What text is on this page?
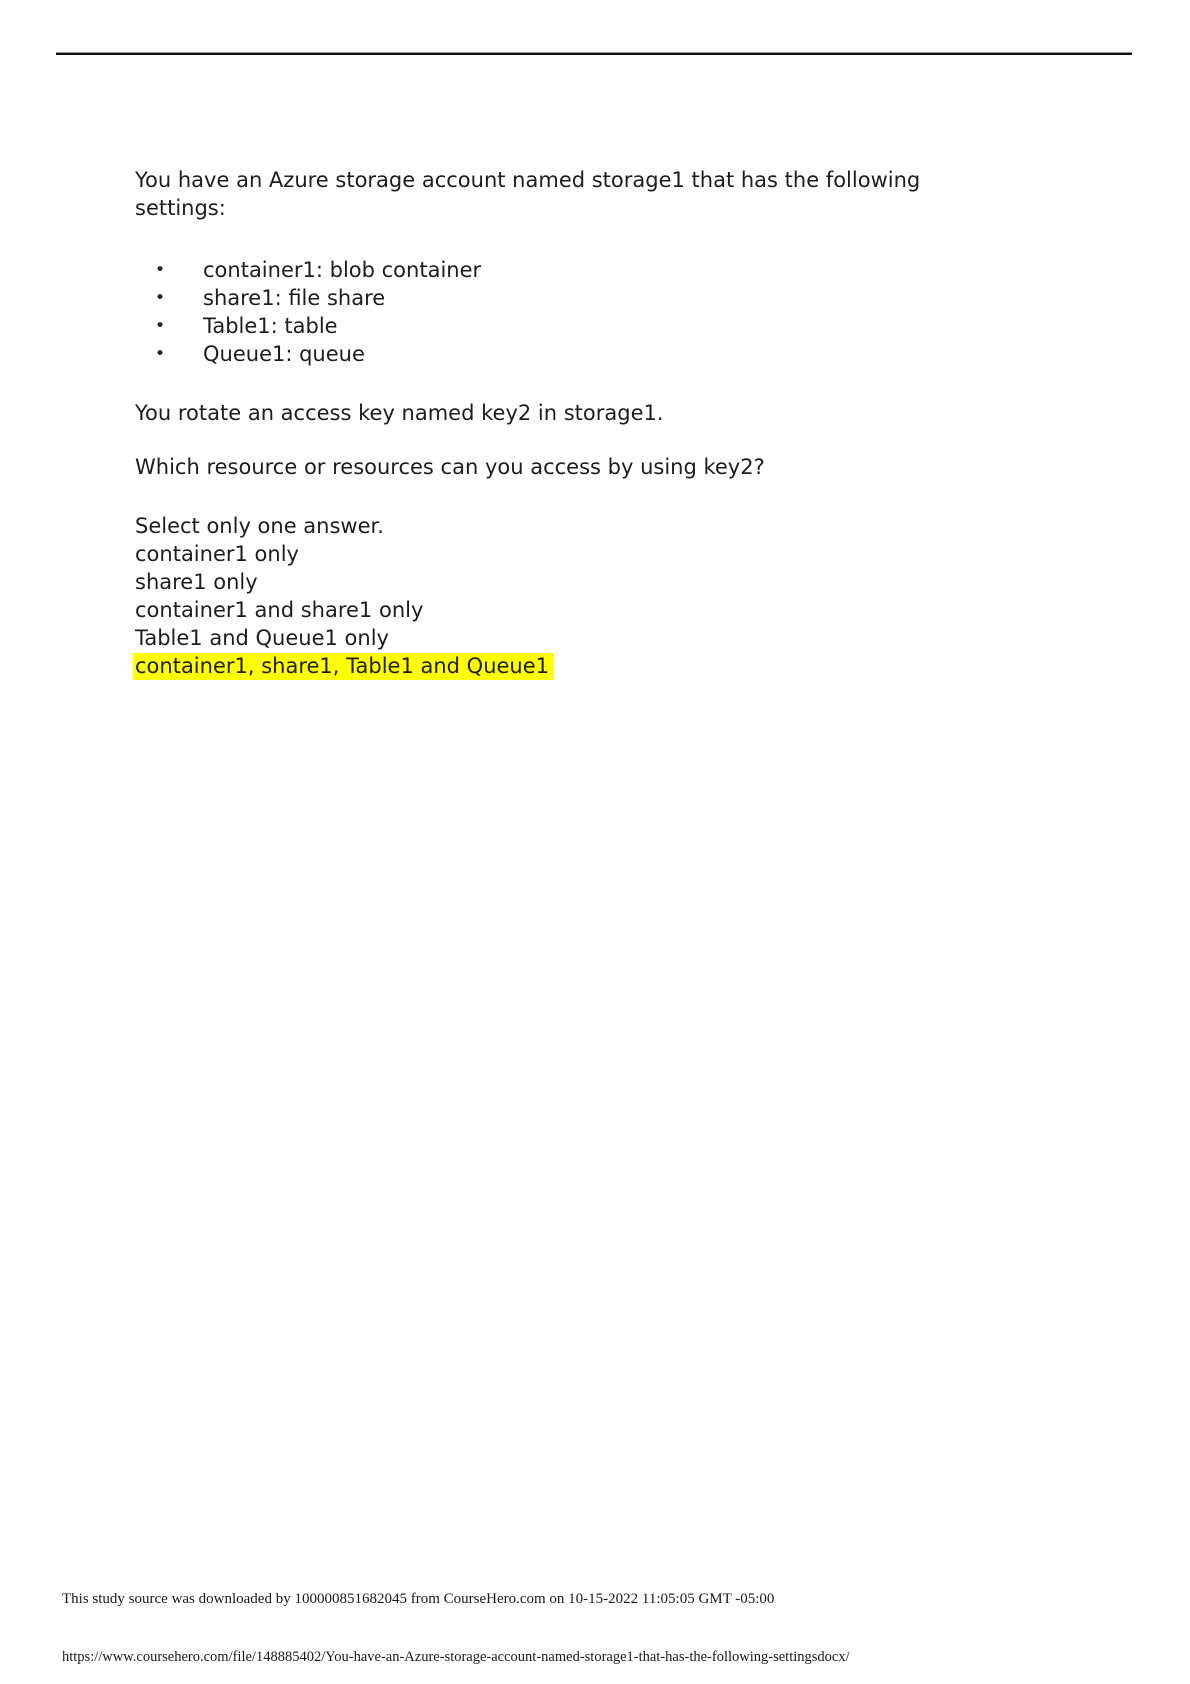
You have an Azure storage account named storage1 that has the following
settings:
• container1: blob container
• share1: file share
• Table1: table
• Queue1: queue

You rotate an access key named key2 in storage1.

Which resource or resources can you access by using key2?

Select only one answer.
container1 only
share1 only
container1 and share1 only
Table1 and Queue1 only
container1, share1, Table1 and Queue1
This study source was downloaded by 100000851682045 from CourseHero.com on 10-15-2022 11:05:05 GMT -05:00
https://www.coursehero.com/file/148885402/You-have-an-Azure-storage-account-named-storage1-that-has-the-following-settingsdocx/
